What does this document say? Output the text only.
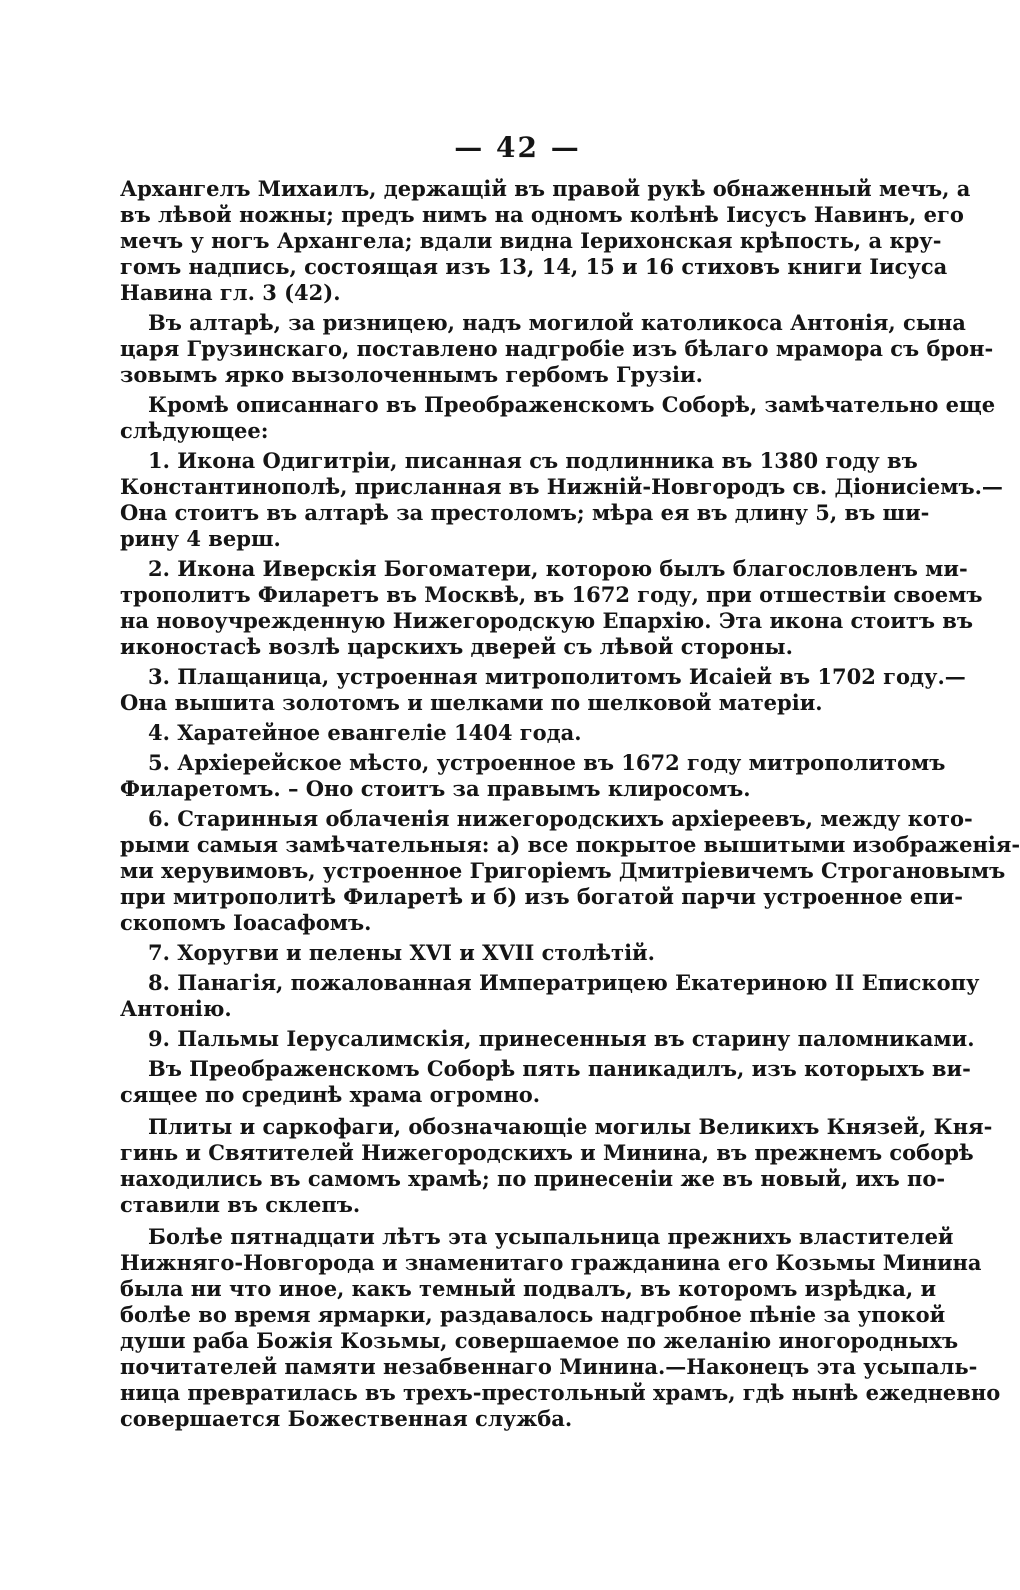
— 42 —
Архангелъ Михаилъ, держащій въ правой рукѣ обнаженный мечъ, а
въ лѣвой ножны; предъ нимъ на одномъ колѣнѣ Іисусъ Навинъ, его
мечъ у ногъ Архангела; вдали видна Іерихонская крѣпость, а кру-
гомъ надпись, состоящая изъ 13, 14, 15 и 16 стиховъ книги Іисуса
Навина гл. 3 (42).
Въ алтарѣ, за ризницею, надъ могилой католикоса Антонія, сына
царя Грузинскаго, поставлено надгробіе изъ бѣлаго мрамора съ брон-
зовымъ ярко вызолоченнымъ гербомъ Грузіи.
Кромѣ описаннаго въ Преображенскомъ Соборѣ, замѣчательно еще
слѣдующее:
1. Икона Одигитріи, писанная съ подлинника въ 1380 году въ
Константинополѣ, присланная въ Нижній-Новгородъ св. Діонисіемъ.—
Она стоитъ въ алтарѣ за престоломъ; мѣра ея въ длину 5, въ ши-
рину 4 верш.
2. Икона Иверскія Богоматери, которою былъ благословленъ ми-
трополитъ Филаретъ въ Москвѣ, въ 1672 году, при отшествіи своемъ
на новоучрежденную Нижегородскую Епархію. Эта икона стоитъ въ
иконостасѣ возлѣ царскихъ дверей съ лѣвой стороны.
3. Плащаница, устроенная митрополитомъ Исаіей въ 1702 году.—
Она вышита золотомъ и шелками по шелковой матеріи.
4. Харатейное евангеліе 1404 года.
5. Архіерейское мѣсто, устроенное въ 1672 году митрополитомъ
Филаретомъ. – Оно стоитъ за правымъ клиросомъ.
6. Старинныя облаченія нижегородскихъ архіереевъ, между кото-
рыми самыя замѣчательныя: а) все покрытое вышитыми изображенія-
ми херувимовъ, устроенное Григоріемъ Дмитріевичемъ Строгановымъ
при митрополитѣ Филаретѣ и б) изъ богатой парчи устроенное епи-
скопомъ Іоасафомъ.
7. Хоругви и пелены XVI и XVII столѣтій.
8. Панагія, пожалованная Императрицею Екатериною II Епископу
Антонію.
9. Пальмы Іерусалимскія, принесенныя въ старину паломниками.
Въ Преображенскомъ Соборѣ пять паникадилъ, изъ которыхъ ви-
сящее по срединѣ храма огромно.
Плиты и саркофаги, обозначающіе могилы Великихъ Князей, Кня-
гинь и Святителей Нижегородскихъ и Минина, въ прежнемъ соборѣ
находились въ самомъ храмѣ; по принесеніи же въ новый, ихъ по-
ставили въ склепъ.
Болѣе пятнадцати лѣтъ эта усыпальница прежнихъ властителей
Нижняго-Новгорода и знаменитаго гражданина его Козьмы Минина
была ни что иное, какъ темный подвалъ, въ которомъ изрѣдка, и
болѣе во время ярмарки, раздавалось надгробное пѣніе за упокой
души раба Божія Козьмы, совершаемое по желанію иногородныхъ
почитателей памяти незабвеннаго Минина.—Наконецъ эта усыпаль-
ница превратилась въ трехъ-престольный храмъ, гдѣ нынѣ ежедневно
совершается Божественная служба.
